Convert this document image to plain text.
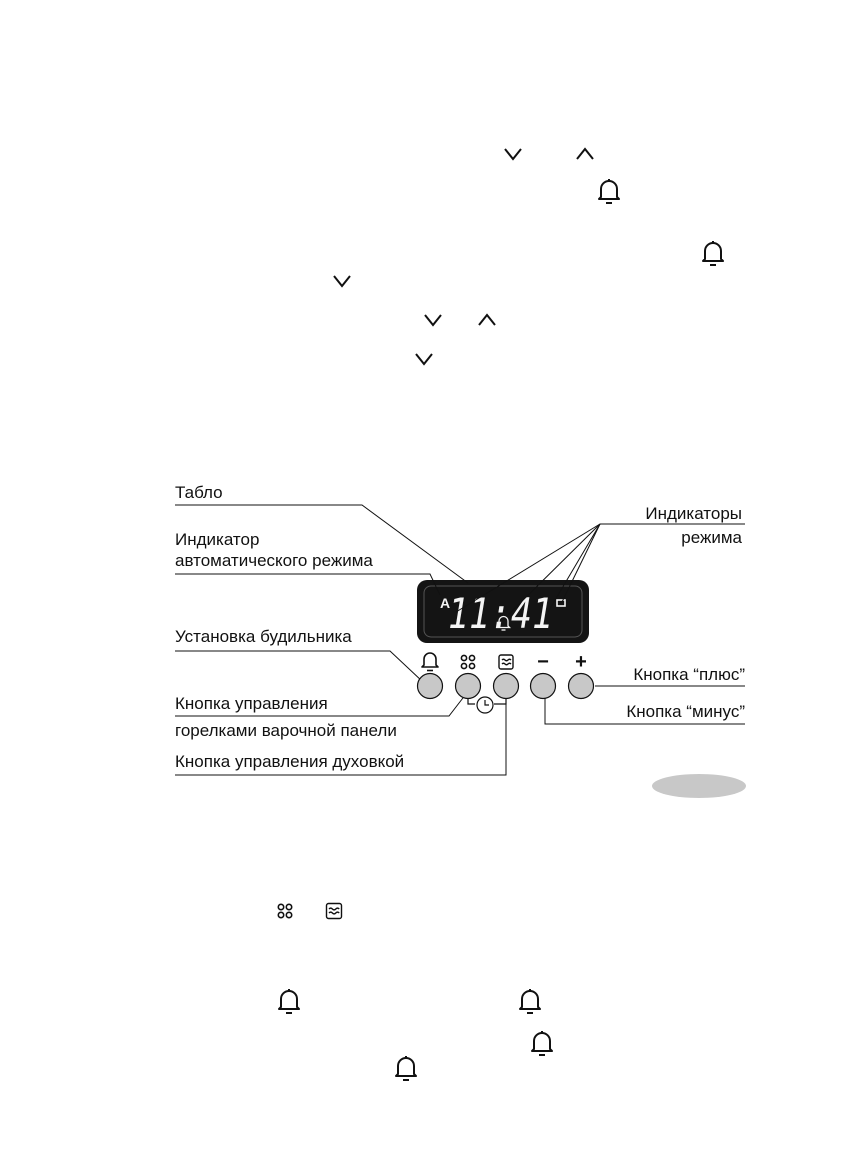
A
11:41
− +
Табло
Индикатор
автоматического режима
Индикаторы
режима
Установка будильника
Кнопка управления
горелками варочной панели
Кнопка управления духовкой
Кнопка “плюс”
Кнопка “минус”
